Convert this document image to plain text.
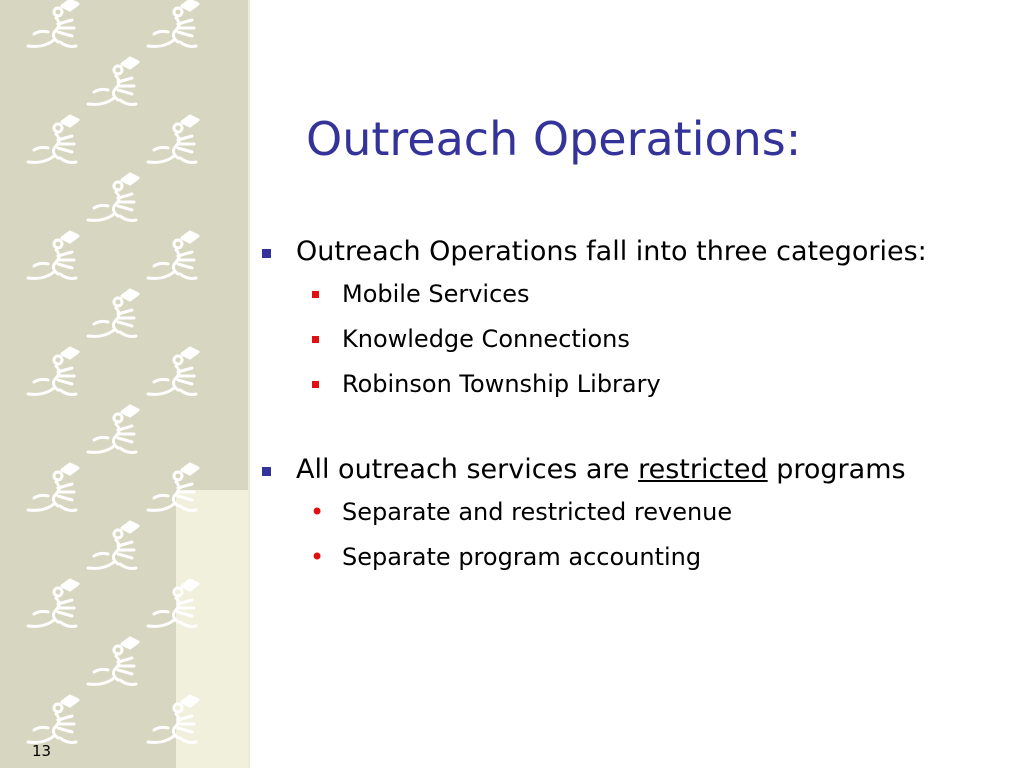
Outreach Operations:
Outreach Operations fall into three categories:
Mobile Services
Knowledge Connections
Robinson Township Library
All outreach services are restricted programs
• Separate and restricted revenue
• Separate program accounting
13
